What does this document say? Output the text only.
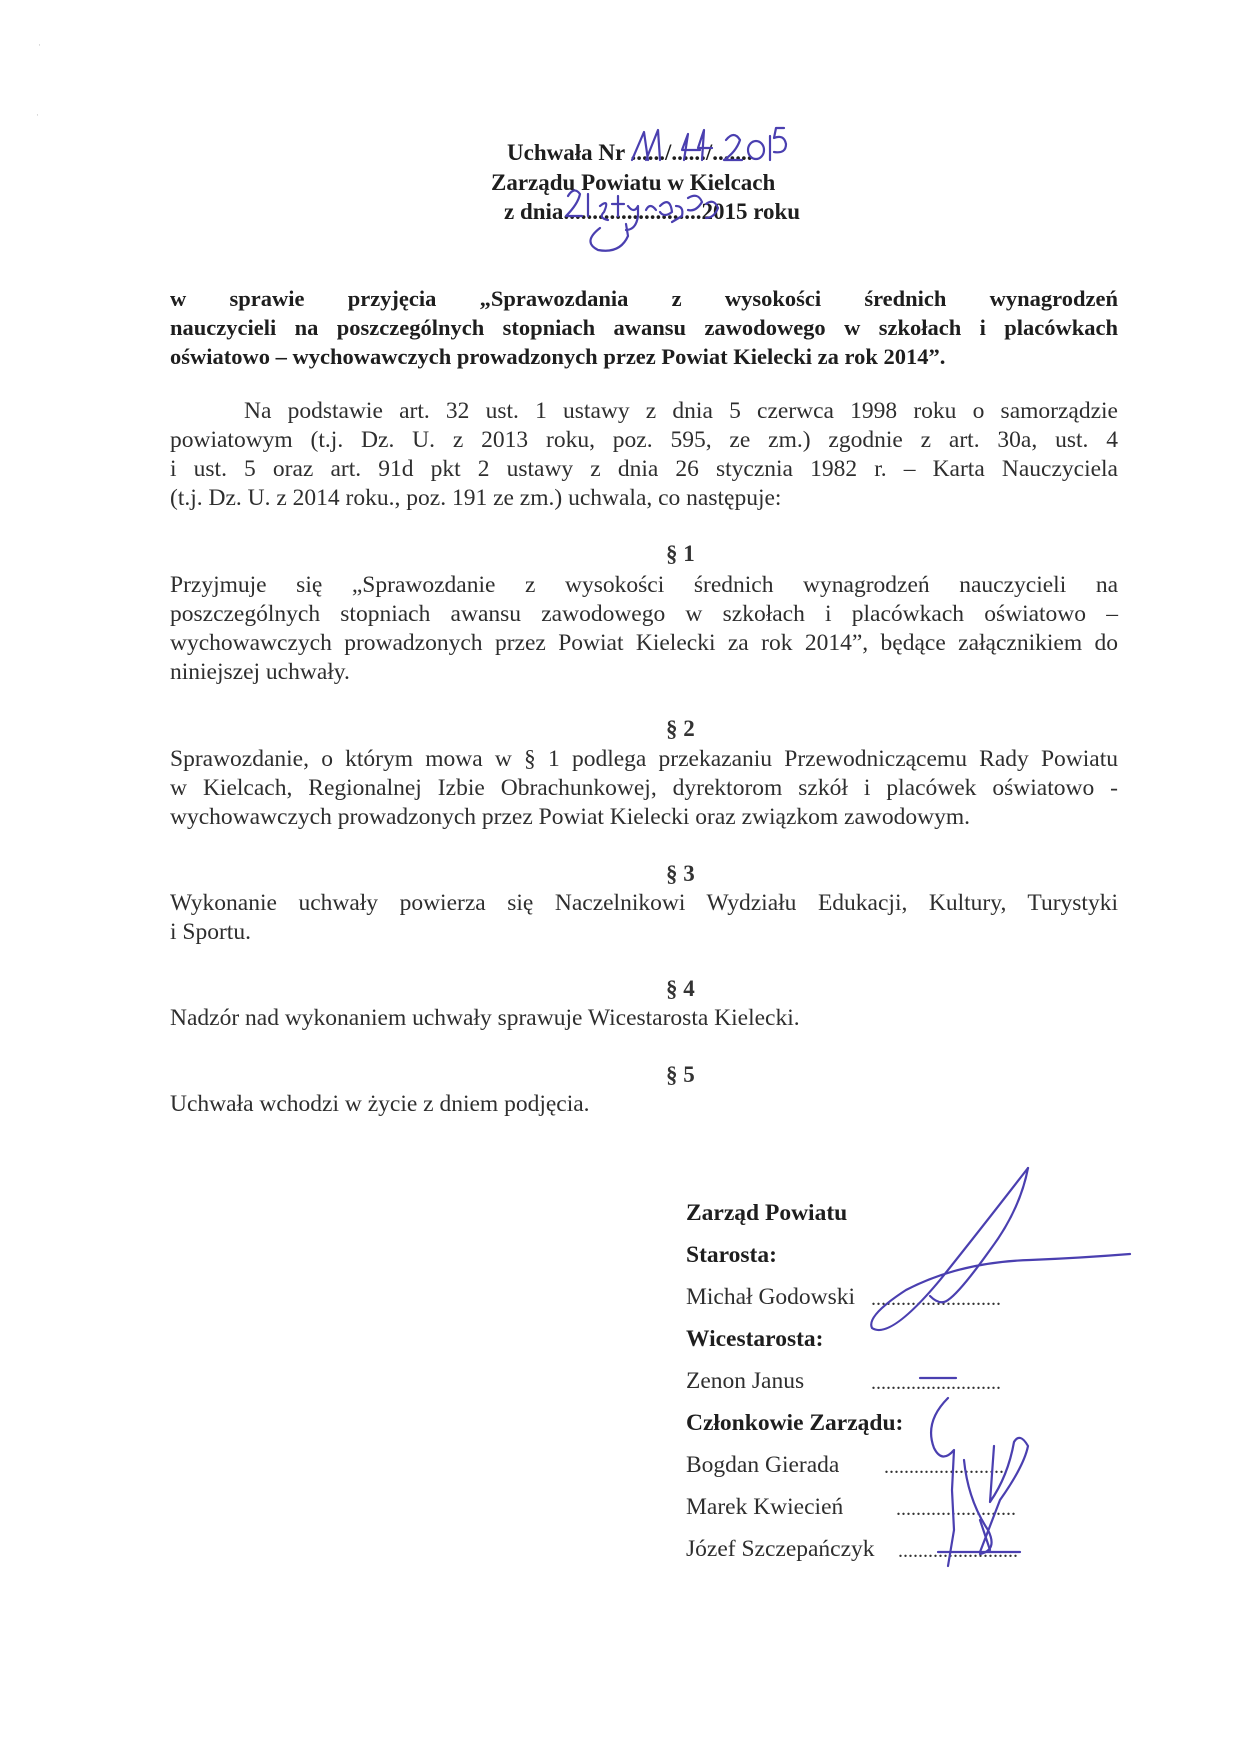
Uchwała Nr ....../....../.......
Zarządu Powiatu w Kielcach
z dnia........................2015 roku

w sprawie przyjęcia „Sprawozdania z wysokości średnich wynagrodzeń

nauczycieli na poszczególnych stopniach awansu zawodowego w szkołach i placówkach

oświatowo – wychowawczych prowadzonych przez Powiat Kielecki za rok 2014”.

Na podstawie art. 32 ust. 1 ustawy z dnia 5 czerwca 1998 roku o samorządzie
powiatowym (t.j. Dz. U. z 2013 roku, poz. 595, ze zm.) zgodnie z art. 30a, ust. 4
i ust. 5 oraz art. 91d pkt 2 ustawy z dnia 26 stycznia 1982 r. – Karta Nauczyciela
(t.j. Dz. U. z 2014 roku., poz. 191 ze zm.) uchwala, co następuje:
§ 1
Przyjmuje się „Sprawozdanie z wysokości średnich wynagrodzeń nauczycieli na
poszczególnych stopniach awansu zawodowego w szkołach i placówkach oświatowo –
wychowawczych prowadzonych przez Powiat Kielecki za rok 2014”, będące załącznikiem do
niniejszej uchwały.
§ 2
Sprawozdanie, o którym mowa w § 1 podlega przekazaniu Przewodniczącemu Rady Powiatu
w Kielcach, Regionalnej Izbie Obrachunkowej, dyrektorom szkół i placówek oświatowo -
wychowawczych prowadzonych przez Powiat Kielecki oraz związkom zawodowym.
§ 3
Wykonanie uchwały powierza się Naczelnikowi Wydziału Edukacji, Kultury, Turystyki
i Sportu.
§ 4
Nadzór nad wykonaniem uchwały sprawuje Wicestarosta Kielecki.
§ 5
Uchwała wchodzi w życie z dniem podjęcia.
Zarząd Powiatu
Starosta:
Michał Godowski ..........................
Wicestarosta:
Zenon Janus	..........................
Członkowie Zarządu:
Bogdan Gierada ........................
Marek Kwiecień	........................
Józef Szczepańczyk ........................
·
·
